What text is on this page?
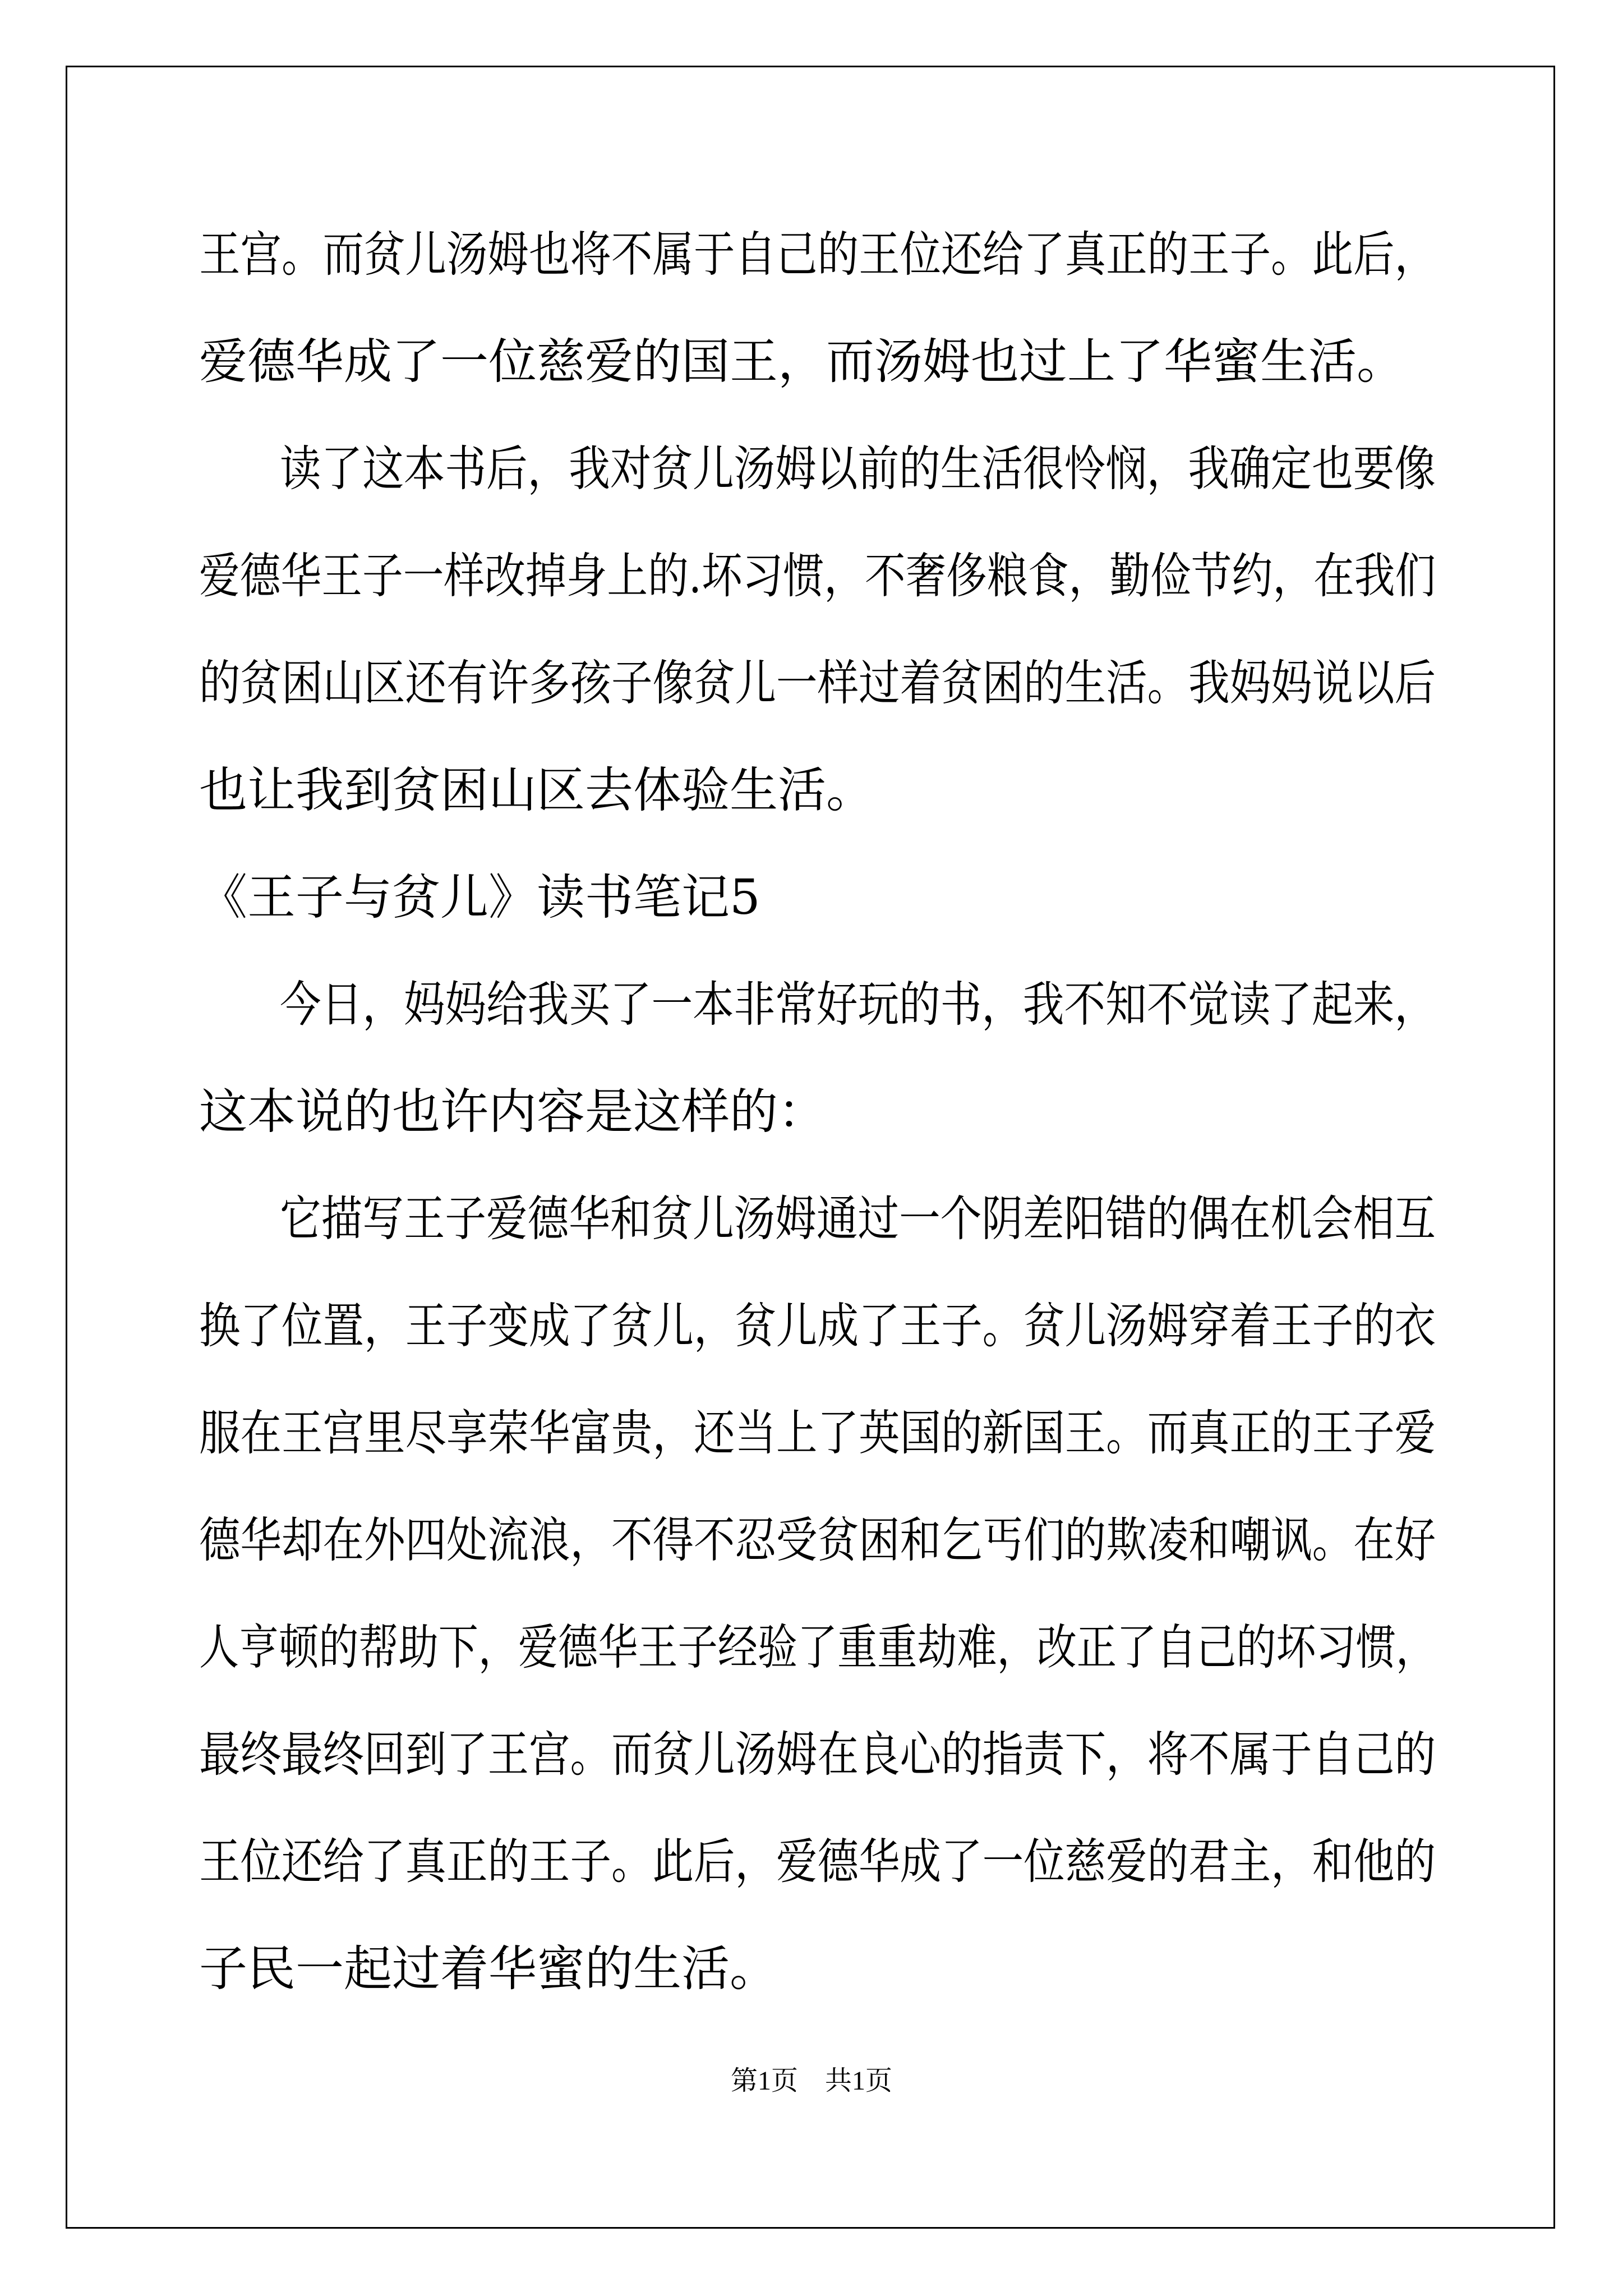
王宫。而贫儿汤姆也将不属于自己的王位还给了真正的王子。此后，

爱德华成了一位慈爱的国王，而汤姆也过上了华蜜生活。

读了这本书后，我对贫儿汤姆以前的生活很怜悯，我确定也要像

爱德华王子一样改掉身上的.坏习惯，不奢侈粮食，勤俭节约，在我们

的贫困山区还有许多孩子像贫儿一样过着贫困的生活。我妈妈说以后

也让我到贫困山区去体验生活。

《王子与贫儿》读书笔记5

今日，妈妈给我买了一本非常好玩的书，我不知不觉读了起来，

这本说的也许内容是这样的：

它描写王子爱德华和贫儿汤姆通过一个阴差阳错的偶在机会相互

换了位置，王子变成了贫儿，贫儿成了王子。贫儿汤姆穿着王子的衣

服在王宫里尽享荣华富贵，还当上了英国的新国王。而真正的王子爱

德华却在外四处流浪，不得不忍受贫困和乞丐们的欺凌和嘲讽。在好

人亨顿的帮助下，爱德华王子经验了重重劫难，改正了自己的坏习惯，

最终最终回到了王宫。而贫儿汤姆在良心的指责下，将不属于自己的

王位还给了真正的王子。此后，爱德华成了一位慈爱的君主，和他的

子民一起过着华蜜的生活。

第1页　共1页
